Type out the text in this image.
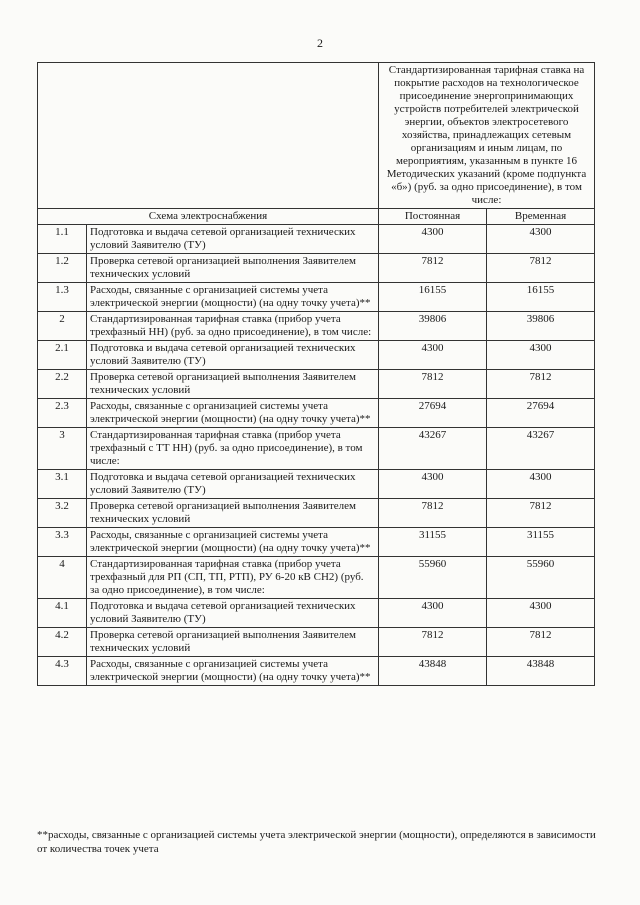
2
		Стандартизированная тарифная ставка на покрытие расходов на технологическое присоединение энергопринимающих устройств потребителей электрической энергии, объектов электросетевого хозяйства, принадлежащих сетевым организациям и иным лицам, по мероприятиям, указанным в пункте 16 Методических указаний (кроме подпункта «б») (руб. за одно присоединение), в том числе:	
Схема электроснабжения		Постоянная	Временная
1.1	Подготовка и выдача сетевой организацией технических условий Заявителю (ТУ)	4300	4300
1.2	Проверка сетевой организацией выполнения Заявителем технических условий	7812	7812
1.3	Расходы, связанные с организацией системы учета электрической энергии (мощности) (на одну точку учета)**	16155	16155
2	Стандартизированная тарифная ставка (прибор учета трехфазный НН) (руб. за одно присоединение), в том числе:	39806	39806
2.1	Подготовка и выдача сетевой организацией технических условий Заявителю (ТУ)	4300	4300
2.2	Проверка сетевой организацией выполнения Заявителем технических условий	7812	7812
2.3	Расходы, связанные с организацией системы учета электрической энергии (мощности) (на одну точку учета)**	27694	27694
3	Стандартизированная тарифная ставка (прибор учета трехфазный с ТТ НН) (руб. за одно присоединение), в том числе:	43267	43267
3.1	Подготовка и выдача сетевой организацией технических условий Заявителю (ТУ)	4300	4300
3.2	Проверка сетевой организацией выполнения Заявителем технических условий	7812	7812
3.3	Расходы, связанные с организацией системы учета электрической энергии (мощности) (на одну точку учета)**	31155	31155
4	Стандартизированная тарифная ставка (прибор учета трехфазный для РП (СП, ТП, РТП), РУ 6-20 кВ СН2) (руб. за одно присоединение), в том числе:	55960	55960
4.1	Подготовка и выдача сетевой организацией технических условий Заявителю (ТУ)	4300	4300
4.2	Проверка сетевой организацией выполнения Заявителем технических условий	7812	7812
4.3	Расходы, связанные с организацией системы учета электрической энергии (мощности) (на одну точку учета)**	43848	43848
**расходы, связанные с организацией системы учета электрической энергии (мощности), определяются в зависимости от количества точек учета
